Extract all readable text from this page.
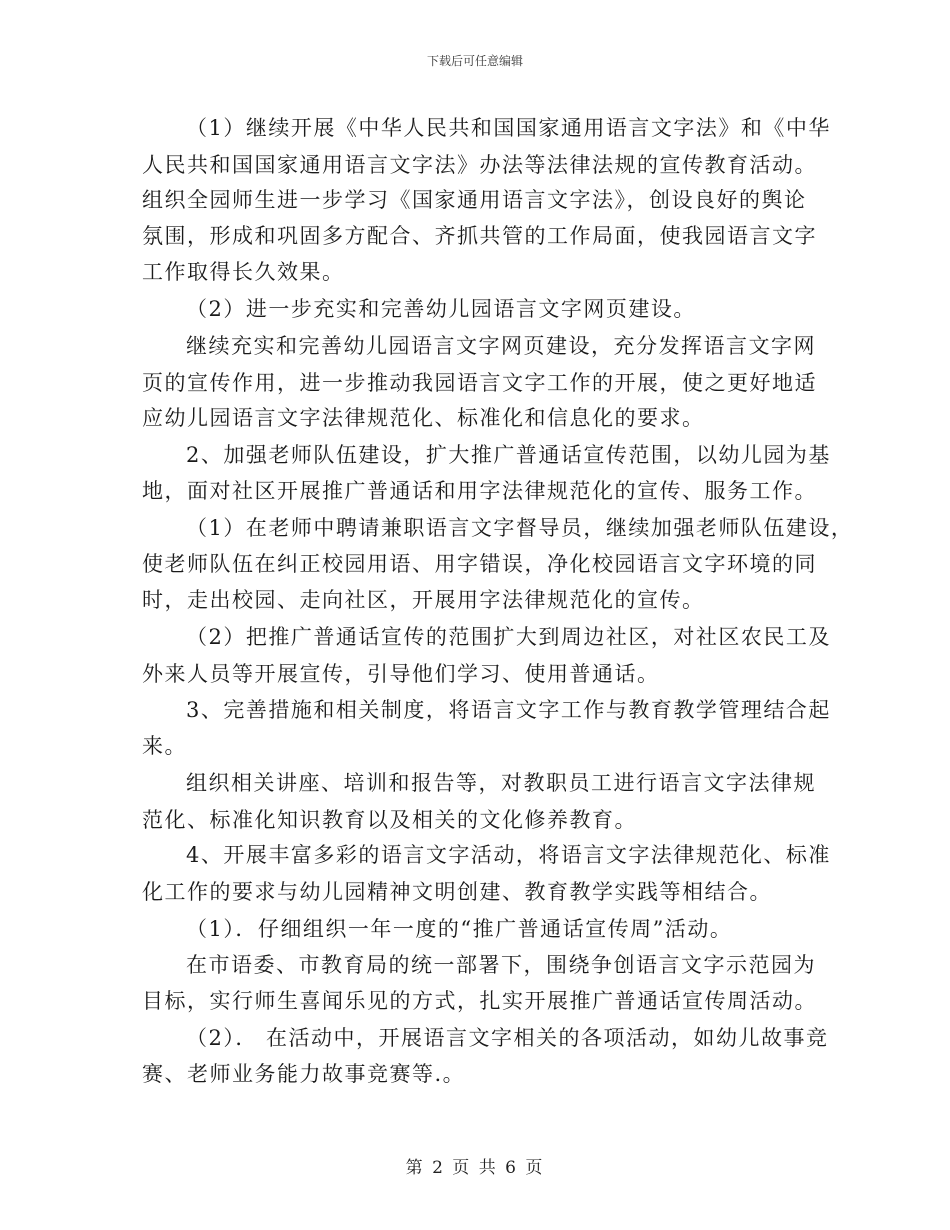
下载后可任意编辑
（1）继续开展《中华人民共和国国家通用语言文字法》和《中华
人民共和国国家通用语言文字法》办法等法律法规的宣传教育活动。
组织全园师生进一步学习《国家通用语言文字法》，创设良好的舆论
氛围，形成和巩固多方配合、齐抓共管的工作局面，使我园语言文字
工作取得长久效果。
（2）进一步充实和完善幼儿园语言文字网页建设。
继续充实和完善幼儿园语言文字网页建设，充分发挥语言文字网
页的宣传作用，进一步推动我园语言文字工作的开展，使之更好地适
应幼儿园语言文字法律规范化、标准化和信息化的要求。
2、加强老师队伍建设，扩大推广普通话宣传范围，以幼儿园为基
地，面对社区开展推广普通话和用字法律规范化的宣传、服务工作。
（1）在老师中聘请兼职语言文字督导员，继续加强老师队伍建设，
使老师队伍在纠正校园用语、用字错误，净化校园语言文字环境的同
时，走出校园、走向社区，开展用字法律规范化的宣传。
（2）把推广普通话宣传的范围扩大到周边社区，对社区农民工及
外来人员等开展宣传，引导他们学习、使用普通话。
3、完善措施和相关制度，将语言文字工作与教育教学管理结合起
来。
组织相关讲座、培训和报告等，对教职员工进行语言文字法律规
范化、标准化知识教育以及相关的文化修养教育。
4、开展丰富多彩的语言文字活动，将语言文字法律规范化、标准
化工作的要求与幼儿园精神文明创建、教育教学实践等相结合。
（1）．仔细组织一年一度的“推广普通话宣传周”活动。
在市语委、市教育局的统一部署下，围绕争创语言文字示范园为
目标，实行师生喜闻乐见的方式，扎实开展推广普通话宣传周活动。
（2）． 在活动中，开展语言文字相关的各项活动，如幼儿故事竞
赛、老师业务能力故事竞赛等.。
第 2 页 共 6 页
